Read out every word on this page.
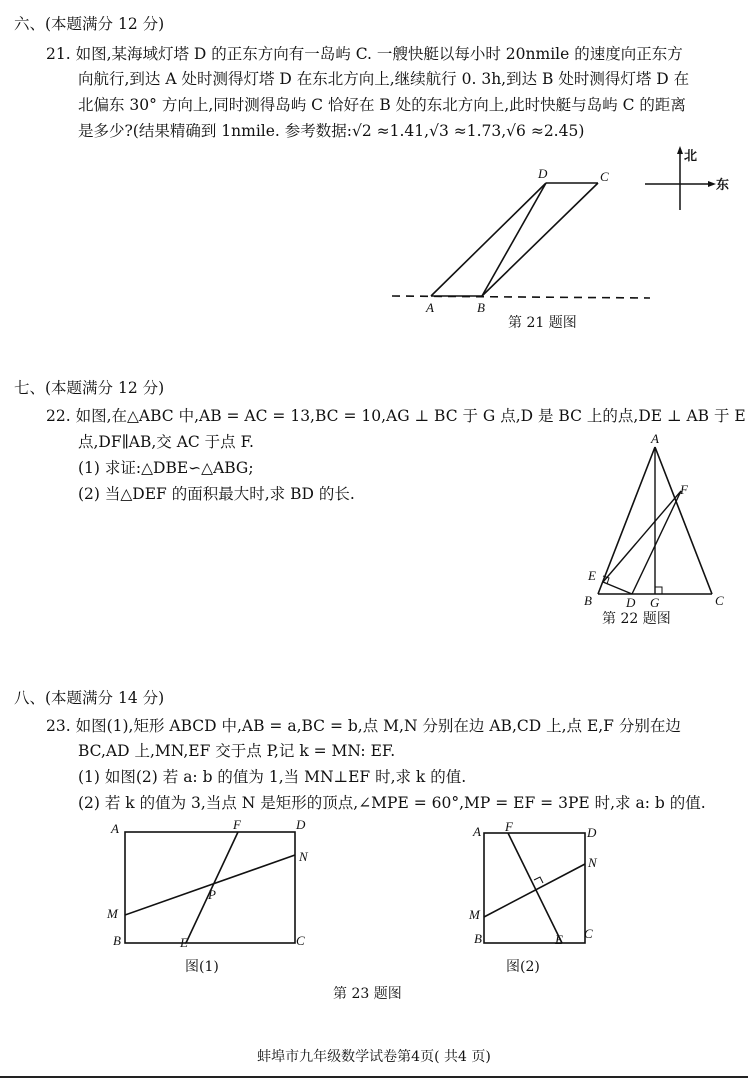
六、(本题满分 12 分)
21. 如图,某海域灯塔 D 的正东方向有一岛屿 C. 一艘快艇以每小时 20nmile 的速度向正东方
向航行,到达 A 处时测得灯塔 D 在东北方向上,继续航行 0. 3h,到达 B 处时测得灯塔 D 在
北偏东 30° 方向上,同时测得岛屿 C 恰好在 B 处的东北方向上,此时快艇与岛屿 C 的距离
是多少?(结果精确到 1nmile. 参考数据:√2 ≈1.41,√3 ≈1.73,√6 ≈2.45)
D	C
A	B
北
东
第 21 题图
七、(本题满分 12 分)
22. 如图,在△ABC 中,AB = AC = 13,BC = 10,AG ⊥ BC 于 G 点,D 是 BC 上的点,DE ⊥ AB 于 E
点,DF∥AB,交 AC 于点 F.
(1) 求证:△DBE∽△ABG;
(2) 当△DEF 的面积最大时,求 BD 的长.
A
F
E
B	D G	C
第 22 题图
八、(本题满分 14 分)
23. 如图(1),矩形 ABCD 中,AB = a,BC = b,点 M,N 分别在边 AB,CD 上,点 E,F 分别在边
BC,AD 上,MN,EF 交于点 P,记 k = MN: EF.
(1) 如图(2) 若 a: b 的值为 1,当 MN⊥EF 时,求 k 的值.
(2) 若 k 的值为 3,当点 N 是矩形的顶点,∠MPE = 60°,MP = EF = 3PE 时,求 a: b 的值.
A	F	D
N
P
M
B	E	C
图(1)
A F	D
N
M
B	E C
图(2)
第 23 题图
蚌埠市九年级数学试卷第4页( 共4 页)
